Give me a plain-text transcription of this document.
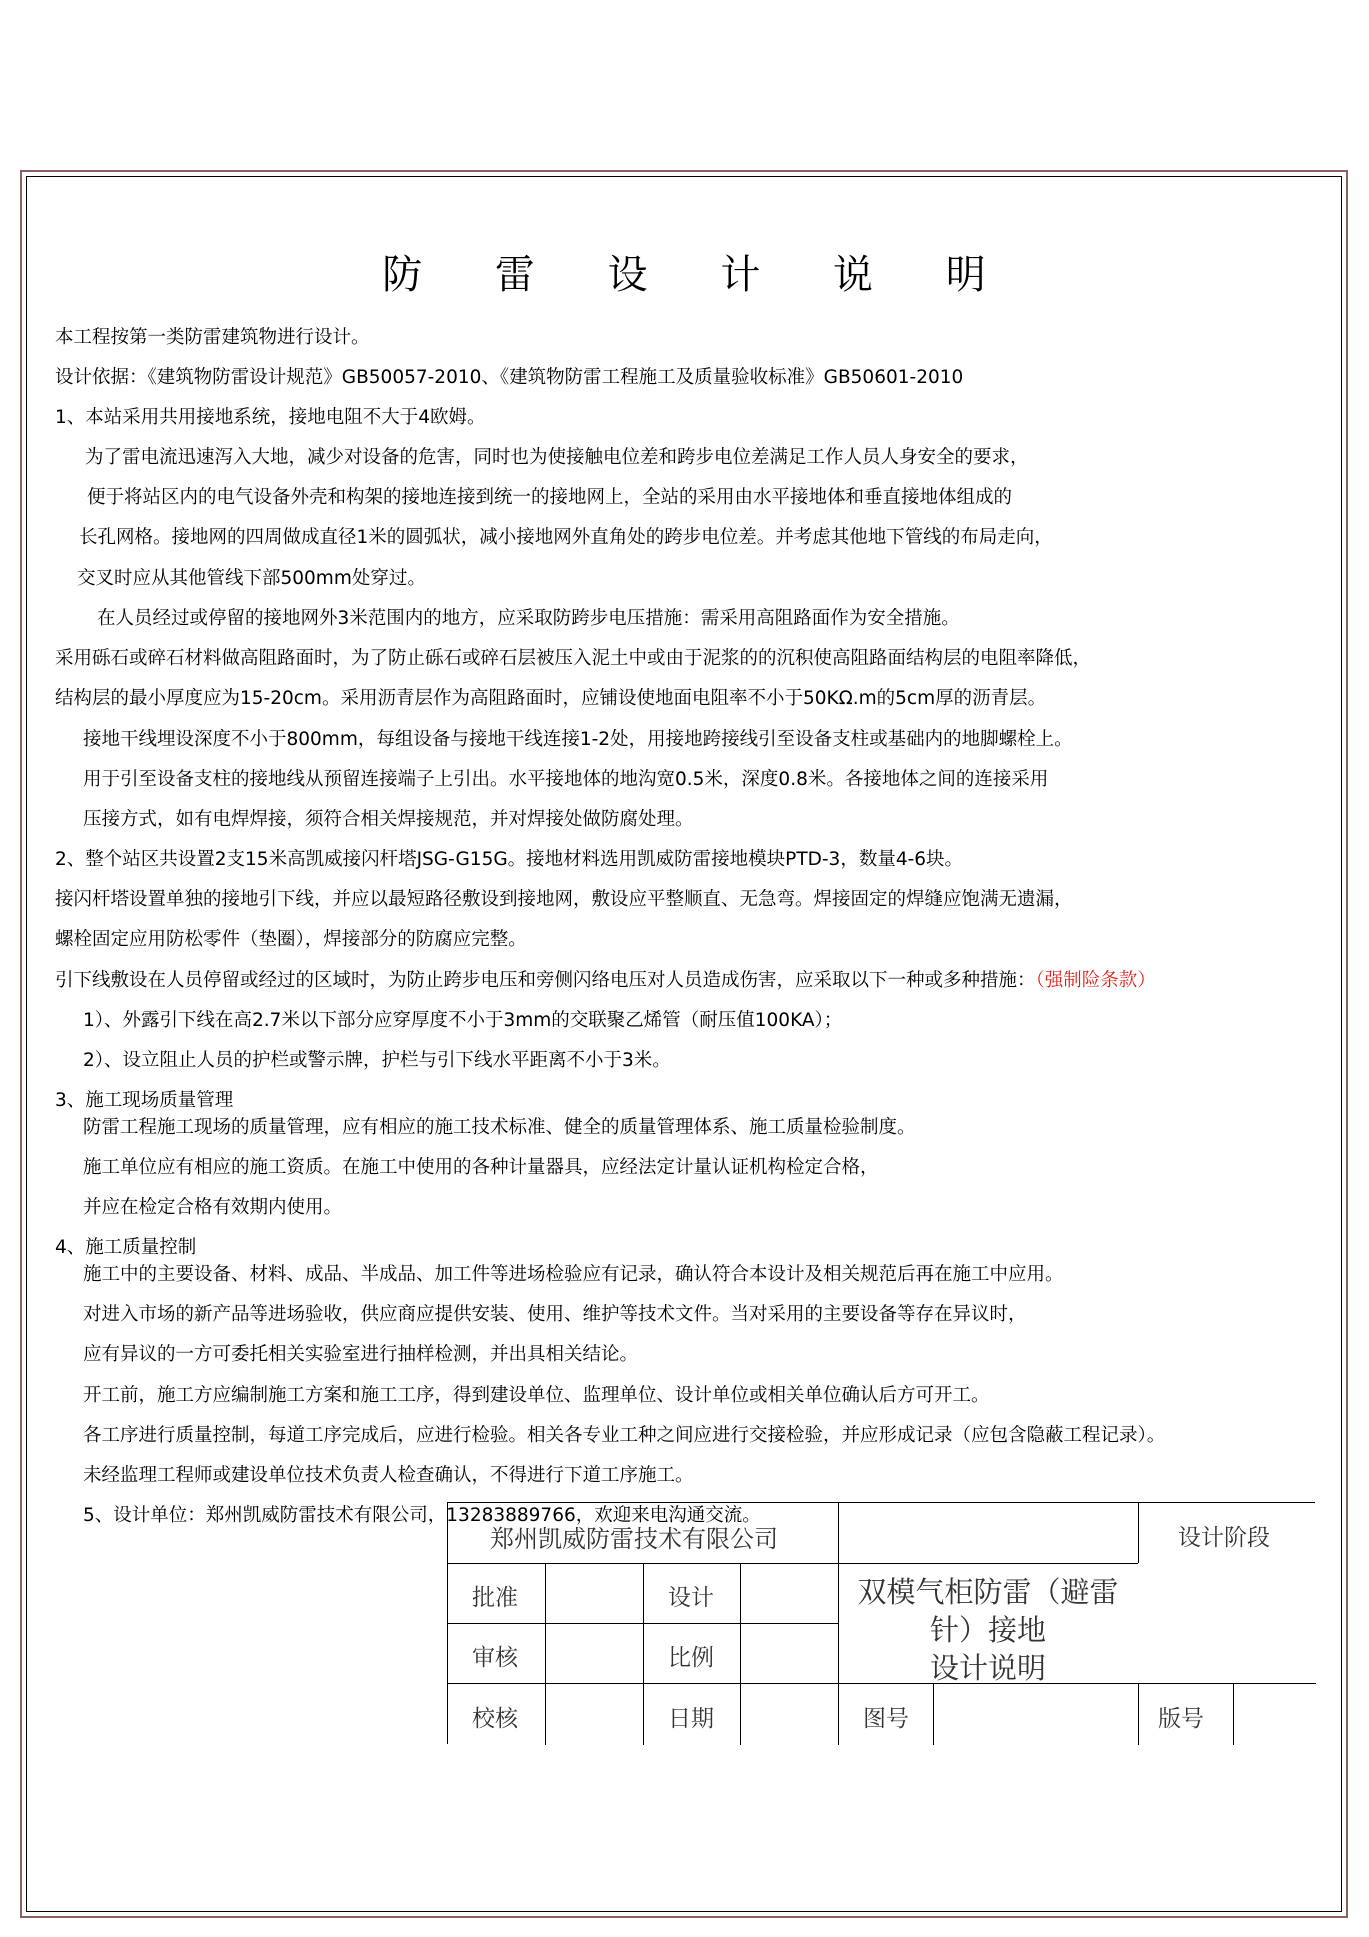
防 雷 设 计 说 明
本工程按第一类防雷建筑物进行设计。
设计依据：《建筑物防雷设计规范》GB50057-2010、《建筑物防雷工程施工及质量验收标准》GB50601-2010
1、本站采用共用接地系统，接地电阻不大于4欧姆。
为了雷电流迅速泻入大地，减少对设备的危害，同时也为使接触电位差和跨步电位差满足工作人员人身安全的要求，
便于将站区内的电气设备外壳和构架的接地连接到统一的接地网上，全站的采用由水平接地体和垂直接地体组成的
长孔网格。接地网的四周做成直径1米的圆弧状，减小接地网外直角处的跨步电位差。并考虑其他地下管线的布局走向，
交叉时应从其他管线下部500mm处穿过。
在人员经过或停留的接地网外3米范围内的地方，应采取防跨步电压措施：需采用高阻路面作为安全措施。
采用砾石或碎石材料做高阻路面时，为了防止砾石或碎石层被压入泥土中或由于泥浆的的沉积使高阻路面结构层的电阻率降低，
结构层的最小厚度应为15-20cm。采用沥青层作为高阻路面时，应铺设使地面电阻率不小于50KΩ.m的5cm厚的沥青层。
接地干线埋设深度不小于800mm，每组设备与接地干线连接1-2处，用接地跨接线引至设备支柱或基础内的地脚螺栓上。
用于引至设备支柱的接地线从预留连接端子上引出。水平接地体的地沟宽0.5米，深度0.8米。各接地体之间的连接采用
压接方式，如有电焊焊接，须符合相关焊接规范，并对焊接处做防腐处理。
2、整个站区共设置2支15米高凯威接闪杆塔JSG-G15G。接地材料选用凯威防雷接地模块PTD-3，数量4-6块。
接闪杆塔设置单独的接地引下线，并应以最短路径敷设到接地网，敷设应平整顺直、无急弯。焊接固定的焊缝应饱满无遗漏，
螺栓固定应用防松零件（垫圈），焊接部分的防腐应完整。
引下线敷设在人员停留或经过的区域时，为防止跨步电压和旁侧闪络电压对人员造成伤害，应采取以下一种或多种措施：（强制险条款）
1）、外露引下线在高2.7米以下部分应穿厚度不小于3mm的交联聚乙烯管（耐压值100KA）；
2）、设立阻止人员的护栏或警示牌，护栏与引下线水平距离不小于3米。
3、施工现场质量管理
防雷工程施工现场的质量管理，应有相应的施工技术标准、健全的质量管理体系、施工质量检验制度。
施工单位应有相应的施工资质。在施工中使用的各种计量器具，应经法定计量认证机构检定合格，
并应在检定合格有效期内使用。
4、施工质量控制
施工中的主要设备、材料、成品、半成品、加工件等进场检验应有记录，确认符合本设计及相关规范后再在施工中应用。
对进入市场的新产品等进场验收，供应商应提供安装、使用、维护等技术文件。当对采用的主要设备等存在异议时，
应有异议的一方可委托相关实验室进行抽样检测，并出具相关结论。
开工前，施工方应编制施工方案和施工工序，得到建设单位、监理单位、设计单位或相关单位确认后方可开工。
各工序进行质量控制，每道工序完成后，应进行检验。相关各专业工种之间应进行交接检验，并应形成记录（应包含隐蔽工程记录）。
未经监理工程师或建设单位技术负责人检查确认，不得进行下道工序施工。
5、设计单位：郑州凯威防雷技术有限公司，13283889766，欢迎来电沟通交流。
郑州凯威防雷技术有限公司	设计阶段
批准	设计
审核	比例
校核	日期	图号	版号
双模气柜防雷（避雷针）接地
设计说明
